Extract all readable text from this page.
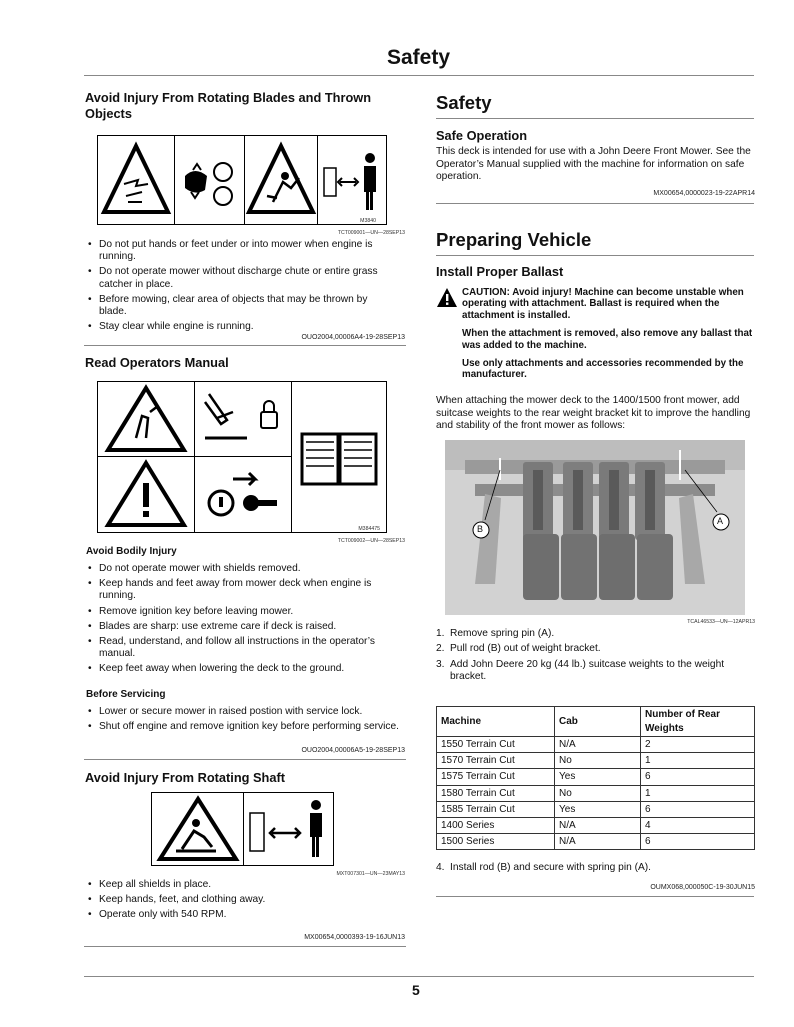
Safety
Avoid Injury From Rotating Blades and Thrown Objects
M3840
TCT009001—UN—28SEP13
• Do not put hands or feet under or into mower when engine is running.
• Do not operate mower without discharge chute or entire grass catcher in place.
• Before mowing, clear area of objects that may be thrown by blade.
• Stay clear while engine is running.
OUO2004,00006A4-19-28SEP13
Read Operators Manual
M384475
TCT009002—UN—28SEP13
Avoid Bodily Injury
• Do not operate mower with shields removed.
• Keep hands and feet away from mower deck when engine is running.
• Remove ignition key before leaving mower.
• Blades are sharp: use extreme care if deck is raised.
• Read, understand, and follow all instructions in the operator’s manual.
• Keep feet away when lowering the deck to the ground.
Before Servicing
• Lower or secure mower in raised postion with service lock.
• Shut off engine and remove ignition key before performing service.
OUO2004,00006A5-19-28SEP13
Avoid Injury From Rotating Shaft
MXT007301—UN—23MAY13
• Keep all shields in place.
• Keep hands, feet, and clothing away.
• Operate only with 540 RPM.
MX00654,0000393-19-16JUN13
Safety
Safe Operation
This deck is intended for use with a John Deere Front Mower. See the Operator’s Manual supplied with the machine for information on safe operation.
MX00654,0000023-19-22APR14
Preparing Vehicle
Install Proper Ballast

CAUTION: Avoid injury! Machine can become unstable when operating with attachment. Ballast is required when the attachment is installed.

When the attachment is removed, also remove any ballast that was added to the machine.

Use only attachments and accessories recommended by the manufacturer.

When attaching the mower deck to the 1400/1500 front mower, add suitcase weights to the rear weight bracket kit to improve the handling and stability of the front mower as follows:
B
A
TCAL46533—UN—12APR13
1. Remove spring pin (A).
2. Pull rod (B) out of weight bracket.
3. Add John Deere 20 kg (44 lb.) suitcase weights to the weight bracket.
Machine	Cab	Number of Rear Weights
1550 Terrain Cut	N/A	2
1570 Terrain Cut	No	1
1575 Terrain Cut	Yes	6
1580 Terrain Cut	No	1
1585 Terrain Cut	Yes	6
1400 Series	N/A	4
1500 Series	N/A	6
4. Install rod (B) and secure with spring pin (A).
OUMX068,000050C-19-30JUN15
5
